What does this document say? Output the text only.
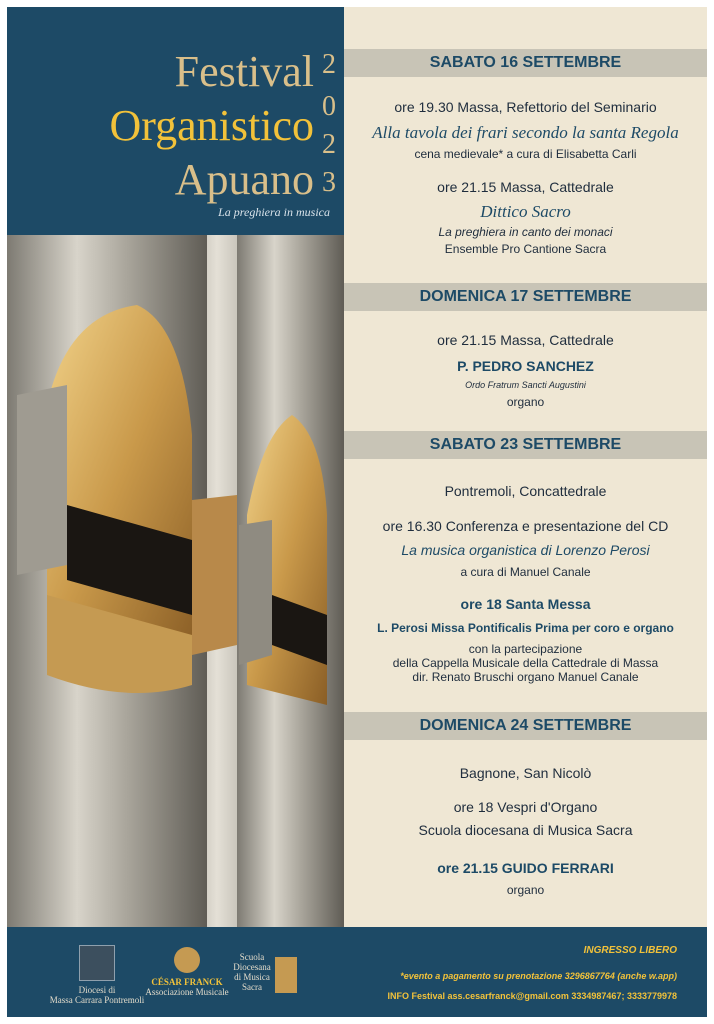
Festival
Organistico
Apuano
2
0
2
3
La preghiera in musica
SABATO 16 SETTEMBRE
ore 19.30 Massa, Refettorio del Seminario
Alla tavola dei frari secondo la santa Regola
cena medievale* a cura di Elisabetta Carli
ore 21.15 Massa, Cattedrale
Dittico Sacro
La preghiera in canto dei monaci
Ensemble Pro Cantione Sacra
DOMENICA 17 SETTEMBRE
ore 21.15 Massa, Cattedrale
P. PEDRO SANCHEZ
Ordo Fratrum Sancti Augustini
organo
SABATO 23 SETTEMBRE
Pontremoli, Concattedrale
ore 16.30 Conferenza e presentazione del CD
La musica organistica di Lorenzo Perosi
a cura di Manuel Canale
ore 18 Santa Messa
L. Perosi Missa Pontificalis Prima per coro e organo
con la partecipazione
della Cappella Musicale della Cattedrale di Massa
dir. Renato Bruschi organo Manuel Canale
DOMENICA 24 SETTEMBRE
Bagnone, San Nicolò
ore 18 Vespri d'Organo
Scuola diocesana di Musica Sacra
ore 21.15 GUIDO FERRARI
organo
Diocesi di
Massa Carrara Pontremoli
CÉSAR FRANCK
Associazione Musicale
Scuola
Diocesana
di Musica
Sacra
INGRESSO LIBERO
*evento a pagamento su prenotazione 3296867764 (anche w.app)
INFO Festival ass.cesarfranck@gmail.com 3334987467; 3333779978
